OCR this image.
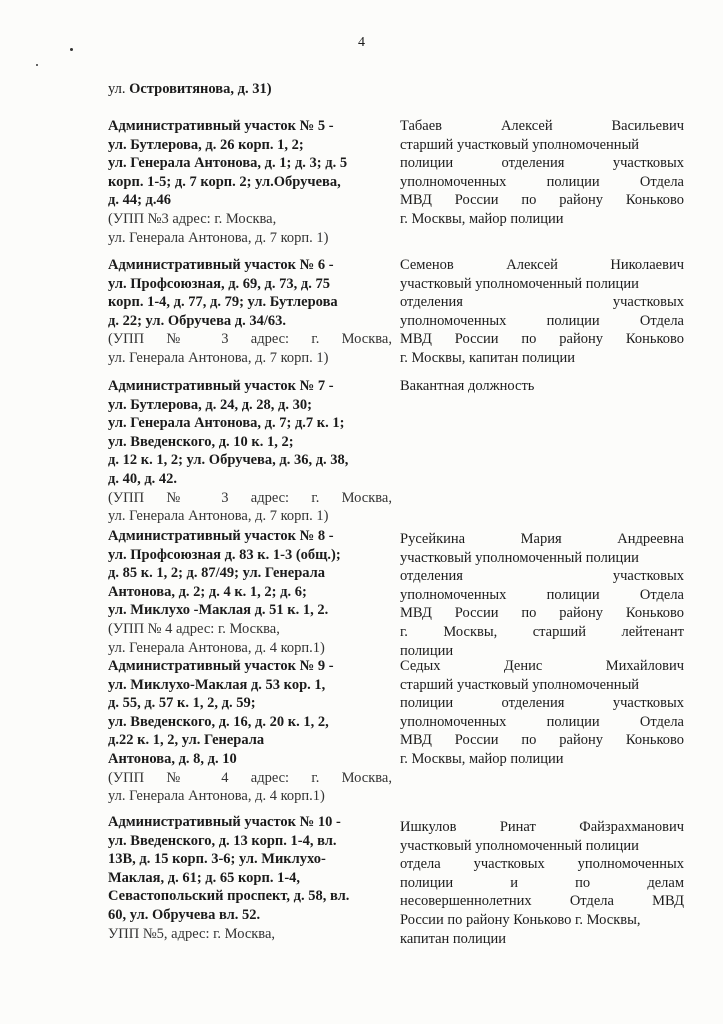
4
ул. Островитянова, д. 31)
Административный участок № 5 -
ул. Бутлерова, д. 26 корп. 1, 2;
ул. Генерала Антонова, д. 1; д. 3; д. 5
корп. 1-5; д. 7 корп. 2; ул.Обручева,
д. 44; д.46
(УПП №3 адрес: г. Москва,
ул. Генерала Антонова, д. 7 корп. 1)
Табаев Алексей Васильевич
старший участковый уполномоченный
полиции отделения участковых
уполномоченных полиции Отдела
МВД России по району Коньково
г. Москвы, майор полиции
Административный участок № 6 -
ул. Профсоюзная, д. 69, д. 73, д. 75
корп. 1-4, д. 77, д. 79; ул. Бутлерова
д. 22; ул. Обручева д. 34/63.
(УПП № 3 адрес: г. Москва,
ул. Генерала Антонова, д. 7 корп. 1)
Семенов Алексей Николаевич
участковый уполномоченный полиции
отделения участковых
уполномоченных полиции Отдела
МВД России по району Коньково
г. Москвы, капитан полиции
Административный участок № 7 -
ул. Бутлерова, д. 24, д. 28, д. 30;
ул. Генерала Антонова, д. 7; д.7 к. 1;
ул. Введенского, д. 10 к. 1, 2;
д. 12 к. 1, 2; ул. Обручева, д. 36, д. 38,
д. 40, д. 42.
(УПП № 3 адрес: г. Москва,
ул. Генерала Антонова, д. 7 корп. 1)
Вакантная должность
Административный участок № 8 -
ул. Профсоюзная д. 83 к. 1-3 (общ.);
д. 85 к. 1, 2; д. 87/49; ул. Генерала
Антонова, д. 2; д. 4 к. 1, 2; д. 6;
ул. Миклухо -Маклая д. 51 к. 1, 2.
(УПП № 4 адрес: г. Москва,
ул. Генерала Антонова, д. 4 корп.1)
Русейкина Мария Андреевна
участковый уполномоченный полиции
отделения участковых
уполномоченных полиции Отдела
МВД России по району Коньково
г. Москвы, старший лейтенант
полиции
Административный участок № 9 -
ул. Миклухо-Маклая д. 53 кор. 1,
д. 55, д. 57 к. 1, 2, д. 59;
ул. Введенского, д. 16, д. 20 к. 1, 2,
д.22 к. 1, 2, ул. Генерала
Антонова, д. 8, д. 10
(УПП № 4 адрес: г. Москва,
ул. Генерала Антонова, д. 4 корп.1)
Седых Денис Михайлович
старший участковый уполномоченный
полиции отделения участковых
уполномоченных полиции Отдела
МВД России по району Коньково
г. Москвы, майор полиции
Административный участок № 10 -
ул. Введенского, д. 13 корп. 1-4, вл.
13В, д. 15 корп. 3-6; ул. Миклухо-
Маклая, д. 61; д. 65 корп. 1-4,
Севастопольский проспект, д. 58, вл.
60, ул. Обручева вл. 52.
УПП №5, адрес: г. Москва,
Ишкулов Ринат Файзрахманович
участковый уполномоченный полиции
отдела участковых уполномоченных
полиции и по делам
несовершеннолетних Отдела МВД
России по району Коньково г. Москвы,
капитан полиции
